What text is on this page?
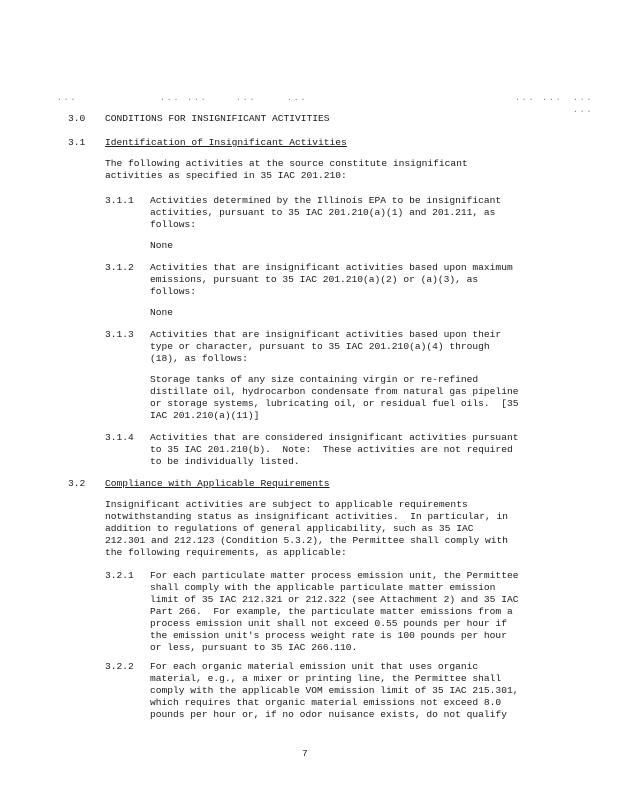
...	... ...	...	...	... ... ... ...
3.0 CONDITIONS FOR INSIGNIFICANT ACTIVITIES
3.1 Identification of Insignificant Activities
The following activities at the source constitute insignificant
activities as specified in 35 IAC 201.210:
3.1.1 Activities determined by the Illinois EPA to be insignificant
activities, pursuant to 35 IAC 201.210(a)(1) and 201.211, as
follows:
None
3.1.2 Activities that are insignificant activities based upon maximum
emissions, pursuant to 35 IAC 201.210(a)(2) or (a)(3), as
follows:
None
3.1.3 Activities that are insignificant activities based upon their
type or character, pursuant to 35 IAC 201.210(a)(4) through
(18), as follows:
Storage tanks of any size containing virgin or re-refined
distillate oil, hydrocarbon condensate from natural gas pipeline
or storage systems, lubricating oil, or residual fuel oils.  [35
IAC 201.210(a)(11)]
3.1.4 Activities that are considered insignificant activities pursuant
to 35 IAC 201.210(b).  Note:  These activities are not required
to be individually listed.
3.2 Compliance with Applicable Requirements
Insignificant activities are subject to applicable requirements
notwithstanding status as insignificant activities.  In particular, in
addition to regulations of general applicability, such as 35 IAC
212.301 and 212.123 (Condition 5.3.2), the Permittee shall comply with
the following requirements, as applicable:
3.2.1 For each particulate matter process emission unit, the Permittee
shall comply with the applicable particulate matter emission
limit of 35 IAC 212.321 or 212.322 (see Attachment 2) and 35 IAC
Part 266.  For example, the particulate matter emissions from a
process emission unit shall not exceed 0.55 pounds per hour if
the emission unit's process weight rate is 100 pounds per hour
or less, pursuant to 35 IAC 266.110.
3.2.2 For each organic material emission unit that uses organic
material, e.g., a mixer or printing line, the Permittee shall
comply with the applicable VOM emission limit of 35 IAC 215.301,
which requires that organic material emissions not exceed 8.0
pounds per hour or, if no odor nuisance exists, do not qualify
7
